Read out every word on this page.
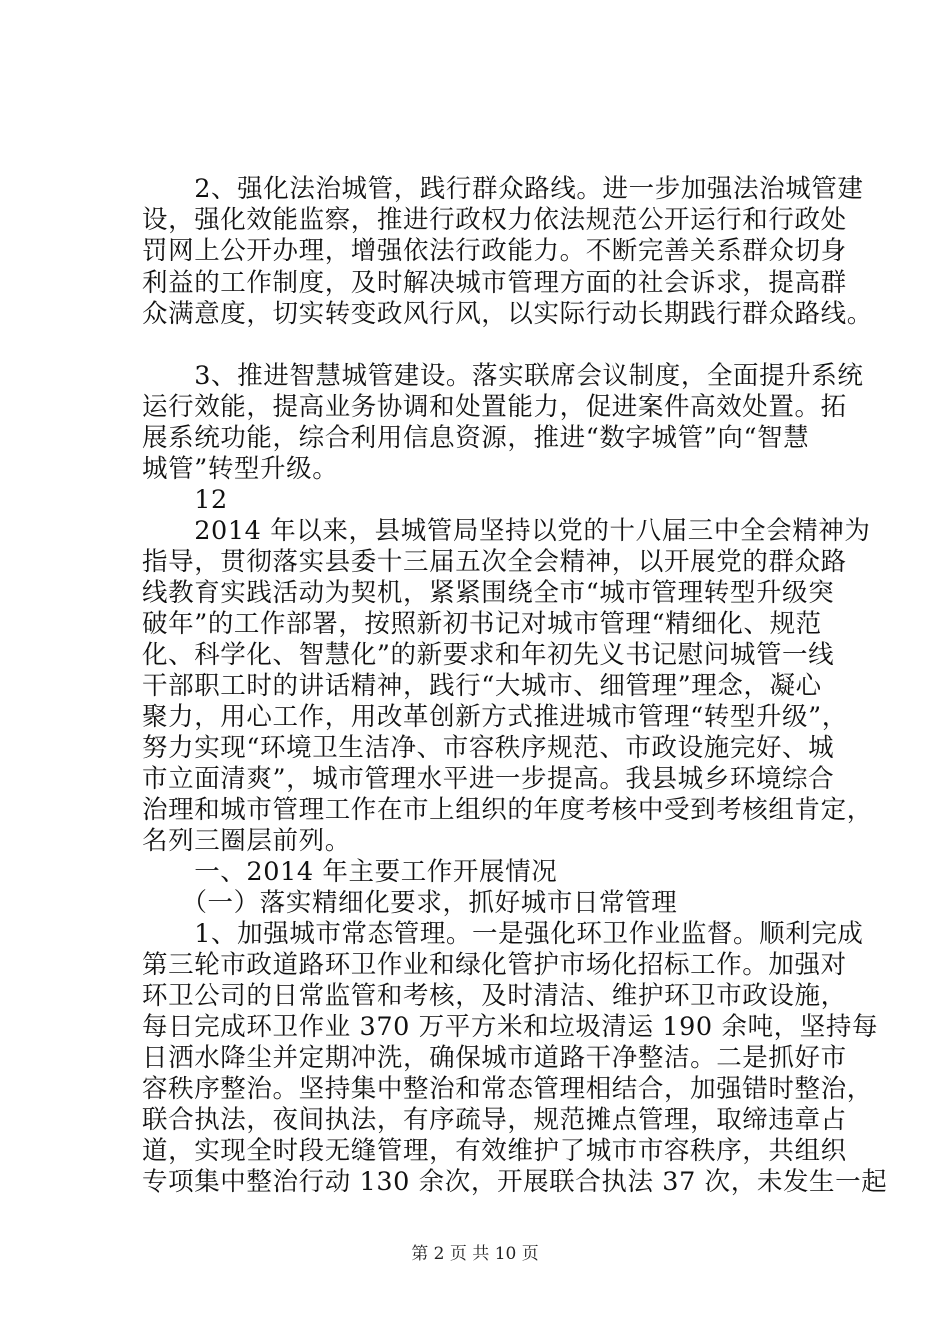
　　2、强化法治城管，践行群众路线。进一步加强法治城管建
设，强化效能监察，推进行政权力依法规范公开运行和行政处
罚网上公开办理，增强依法行政能力。不断完善关系群众切身
利益的工作制度，及时解决城市管理方面的社会诉求，提高群
众满意度，切实转变政风行风，以实际行动长期践行群众路线。
　　3、推进智慧城管建设。落实联席会议制度，全面提升系统
运行效能，提高业务协调和处置能力，促进案件高效处置。拓
展系统功能，综合利用信息资源，推进“数字城管”向“智慧
城管”转型升级。
　　12
　　2014 年以来，县城管局坚持以党的十八届三中全会精神为
指导，贯彻落实县委十三届五次全会精神，以开展党的群众路
线教育实践活动为契机，紧紧围绕全市“城市管理转型升级突
破年”的工作部署，按照新初书记对城市管理“精细化、规范
化、科学化、智慧化”的新要求和年初先义书记慰问城管一线
干部职工时的讲话精神，践行“大城市、细管理”理念，凝心
聚力，用心工作，用改革创新方式推进城市管理“转型升级”，
努力实现“环境卫生洁净、市容秩序规范、市政设施完好、城
市立面清爽”，城市管理水平进一步提高。我县城乡环境综合
治理和城市管理工作在市上组织的年度考核中受到考核组肯定，
名列三圈层前列。
　　一、2014 年主要工作开展情况
　　（一）落实精细化要求，抓好城市日常管理
　　1、加强城市常态管理。一是强化环卫作业监督。顺利完成
第三轮市政道路环卫作业和绿化管护市场化招标工作。加强对
环卫公司的日常监管和考核，及时清洁、维护环卫市政设施，
每日完成环卫作业 370 万平方米和垃圾清运 190 余吨，坚持每
日洒水降尘并定期冲洗，确保城市道路干净整洁。二是抓好市
容秩序整治。坚持集中整治和常态管理相结合，加强错时整治，
联合执法，夜间执法，有序疏导，规范摊点管理，取缔违章占
道，实现全时段无缝管理，有效维护了城市市容秩序，共组织
专项集中整治行动 130 余次，开展联合执法 37 次，未发生一起
第 2 页 共 10 页
